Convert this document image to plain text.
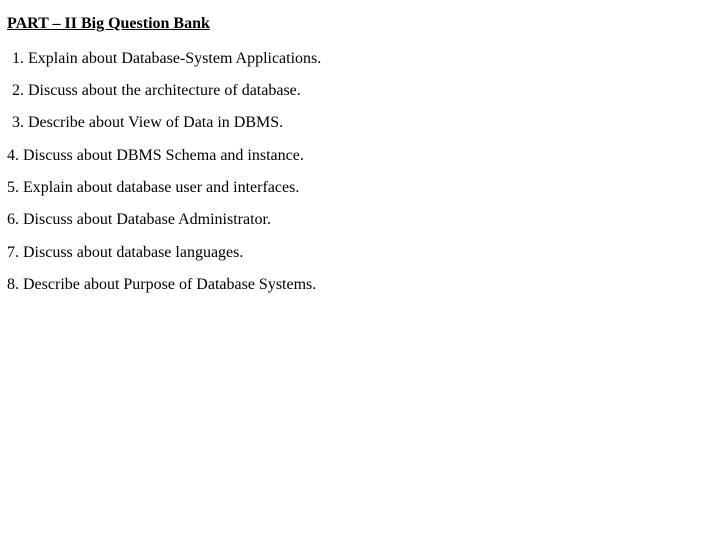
PART – II Big Question Bank
1. Explain about Database-System Applications.
2. Discuss about the architecture of database.
3. Describe about View of Data in DBMS.
4. Discuss about DBMS Schema and instance.
5. Explain about database user and interfaces.
6. Discuss about Database Administrator.
7. Discuss about database languages.
8. Describe about Purpose of Database Systems.
